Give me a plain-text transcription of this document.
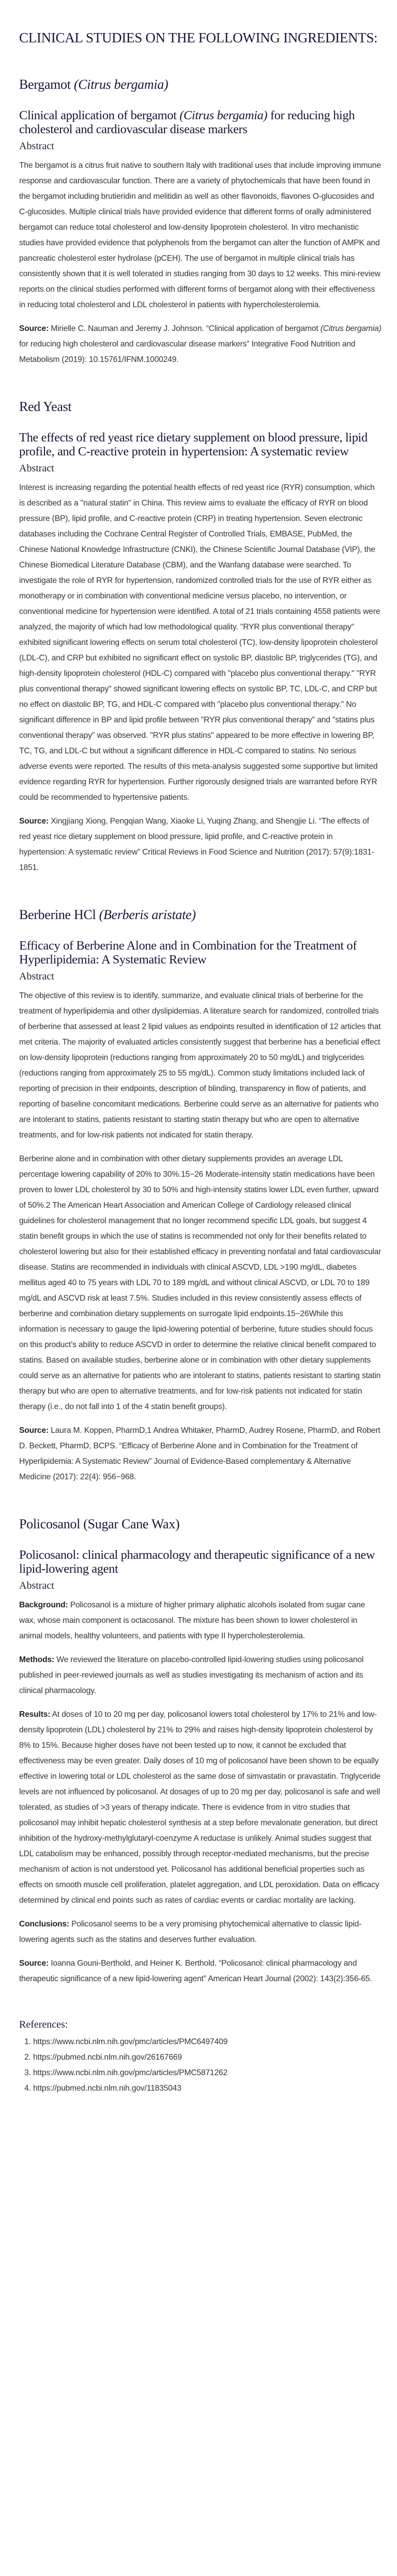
CLINICAL STUDIES ON THE FOLLOWING INGREDIENTS:
Bergamot (Citrus bergamia)
Clinical application of bergamot (Citrus bergamia) for reducing high cholesterol and cardiovascular disease markers
Abstract

The bergamot is a citrus fruit native to southern Italy with traditional uses that include improving immune response and cardiovascular function. There are a variety of phytochemicals that have been found in the bergamot including brutieridin and melitidin as well as other flavonoids, flavones O-glucosides and C-glucosides. Multiple clinical trials have provided evidence that different forms of orally administered bergamot can reduce total cholesterol and low-density lipoprotein cholesterol. In vitro mechanistic studies have provided evidence that polyphenols from the bergamot can alter the function of AMPK and pancreatic cholesterol ester hydrolase (pCEH). The use of bergamot in multiple clinical trials has consistently shown that it is well tolerated in studies ranging from 30 days to 12 weeks. This mini-review reports on the clinical studies performed with different forms of bergamot along with their effectiveness in reducing total cholesterol and LDL cholesterol in patients with hypercholesterolemia.

Source: Mirielle C. Nauman and Jeremy J. Johnson. “Clinical application of bergamot (Citrus bergamia) for reducing high cholesterol and cardiovascular disease markers” Integrative Food Nutrition and Metabolism (2019): 10.15761/IFNM.1000249.

Red Yeast
The effects of red yeast rice dietary supplement on blood pressure, lipid profile, and C-reactive protein in hypertension: A systematic review
Abstract

Interest is increasing regarding the potential health effects of red yeast rice (RYR) consumption, which is described as a "natural statin" in China. This review aims to evaluate the efficacy of RYR on blood pressure (BP), lipid profile, and C-reactive protein (CRP) in treating hypertension. Seven electronic databases including the Cochrane Central Register of Controlled Trials, EMBASE, PubMed, the Chinese National Knowledge Infrastructure (CNKI), the Chinese Scientific Journal Database (VIP), the Chinese Biomedical Literature Database (CBM), and the Wanfang database were searched. To investigate the role of RYR for hypertension, randomized controlled trials for the use of RYR either as monotherapy or in combination with conventional medicine versus placebo, no intervention, or conventional medicine for hypertension were identified. A total of 21 trials containing 4558 patients were analyzed, the majority of which had low methodological quality. "RYR plus conventional therapy" exhibited significant lowering effects on serum total cholesterol (TC), low-density lipoprotein cholesterol (LDL-C), and CRP but exhibited no significant effect on systolic BP, diastolic BP, triglycerides (TG), and high-density lipoprotein cholesterol (HDL-C) compared with "placebo plus conventional therapy." "RYR plus conventional therapy" showed significant lowering effects on systolic BP, TC, LDL-C, and CRP but no effect on diastolic BP, TG, and HDL-C compared with "placebo plus conventional therapy." No significant difference in BP and lipid profile between "RYR plus conventional therapy" and "statins plus conventional therapy" was observed. "RYR plus statins" appeared to be more effective in lowering BP, TC, TG, and LDL-C but without a significant difference in HDL-C compared to statins. No serious adverse events were reported. The results of this meta-analysis suggested some supportive but limited evidence regarding RYR for hypertension. Further rigorously designed trials are warranted before RYR could be recommended to hypertensive patients.

Source: Xingjiang Xiong, Pengqian Wang, Xiaoke Li, Yuqing Zhang, and Shengjie Li. “The effects of red yeast rice dietary supplement on blood pressure, lipid profile, and C-reactive protein in hypertension: A systematic review” Critical Reviews in Food Science and Nutrition (2017): 57(9):1831-1851.

Berberine HCl (Berberis aristate)
Efficacy of Berberine Alone and in Combination for the Treatment of Hyperlipidemia: A Systematic Review
Abstract

The objective of this review is to identify, summarize, and evaluate clinical trials of berberine for the treatment of hyperlipidemia and other dyslipidemias. A literature search for randomized, controlled trials of berberine that assessed at least 2 lipid values as endpoints resulted in identification of 12 articles that met criteria. The majority of evaluated articles consistently suggest that berberine has a beneficial effect on low-density lipoprotein (reductions ranging from approximately 20 to 50 mg/dL) and triglycerides (reductions ranging from approximately 25 to 55 mg/dL). Common study limitations included lack of reporting of precision in their endpoints, description of blinding, transparency in flow of patients, and reporting of baseline concomitant medications. Berberine could serve as an alternative for patients who are intolerant to statins, patients resistant to starting statin therapy but who are open to alternative treatments, and for low-risk patients not indicated for statin therapy.

Berberine alone and in combination with other dietary supplements provides an average LDL percentage lowering capability of 20% to 30%.15−26 Moderate-intensity statin medications have been proven to lower LDL cholesterol by 30 to 50% and high-intensity statins lower LDL even further, upward of 50%.2 The American Heart Association and American College of Cardiology released clinical guidelines for cholesterol management that no longer recommend specific LDL goals, but suggest 4 statin benefit groups in which the use of statins is recommended not only for their benefits related to cholesterol lowering but also for their established efficacy in preventing nonfatal and fatal cardiovascular disease. Statins are recommended in individuals with clinical ASCVD, LDL >190 mg/dL, diabetes mellitus aged 40 to 75 years with LDL 70 to 189 mg/dL and without clinical ASCVD, or LDL 70 to 189 mg/dL and ASCVD risk at least 7.5%. Studies included in this review consistently assess effects of berberine and combination dietary supplements on surrogate lipid endpoints.15−26While this information is necessary to gauge the lipid-lowering potential of berberine, future studies should focus on this product’s ability to reduce ASCVD in order to determine the relative clinical benefit compared to statins. Based on available studies, berberine alone or in combination with other dietary supplements could serve as an alternative for patients who are intolerant to statins, patients resistant to starting statin therapy but who are open to alternative treatments, and for low-risk patients not indicated for statin therapy (i.e., do not fall into 1 of the 4 statin benefit groups).

Source: Laura M. Koppen, PharmD,1 Andrea Whitaker, PharmD, Audrey Rosene, PharmD, and Robert D. Beckett, PharmD, BCPS. “Efficacy of Berberine Alone and in Combination for the Treatment of Hyperlipidemia: A Systematic Review” Journal of Evidence-Based complementary & Alternative Medicine (2017): 22(4): 956−968.

Policosanol (Sugar Cane Wax)
Policosanol: clinical pharmacology and therapeutic significance of a new lipid-lowering agent
Abstract

Background: Policosanol is a mixture of higher primary aliphatic alcohols isolated from sugar cane wax, whose main component is octacosanol. The mixture has been shown to lower cholesterol in animal models, healthy volunteers, and patients with type II hypercholesterolemia.

Methods: We reviewed the literature on placebo-controlled lipid-lowering studies using policosanol published in peer-reviewed journals as well as studies investigating its mechanism of action and its clinical pharmacology.

Results: At doses of 10 to 20 mg per day, policosanol lowers total cholesterol by 17% to 21% and low-density lipoprotein (LDL) cholesterol by 21% to 29% and raises high-density lipoprotein cholesterol by 8% to 15%. Because higher doses have not been tested up to now, it cannot be excluded that effectiveness may be even greater. Daily doses of 10 mg of policosanol have been shown to be equally effective in lowering total or LDL cholesterol as the same dose of simvastatin or pravastatin. Triglyceride levels are not influenced by policosanol. At dosages of up to 20 mg per day, policosanol is safe and well tolerated, as studies of >3 years of therapy indicate. There is evidence from in vitro studies that policosanol may inhibit hepatic cholesterol synthesis at a step before mevalonate generation, but direct inhibition of the hydroxy-methylglutaryl-coenzyme A reductase is unlikely. Animal studies suggest that LDL catabolism may be enhanced, possibly through receptor-mediated mechanisms, but the precise mechanism of action is not understood yet. Policosanol has additional beneficial properties such as effects on smooth muscle cell proliferation, platelet aggregation, and LDL peroxidation. Data on efficacy determined by clinical end points such as rates of cardiac events or cardiac mortality are lacking.

Conclusions: Policosanol seems to be a very promising phytochemical alternative to classic lipid-lowering agents such as the statins and deserves further evaluation.

Source: Ioanna Gouni-Berthold, and Heiner K. Berthold. “Policosanol: clinical pharmacology and therapeutic significance of a new lipid-lowering agent” American Heart Journal (2002): 143(2):356-65.

References:
1. https://www.ncbi.nlm.nih.gov/pmc/articles/PMC6497409
2. https://pubmed.ncbi.nlm.nih.gov/26167669
3. https://www.ncbi.nlm.nih.gov/pmc/articles/PMC5871262
4. https://pubmed.ncbi.nlm.nih.gov/11835043
